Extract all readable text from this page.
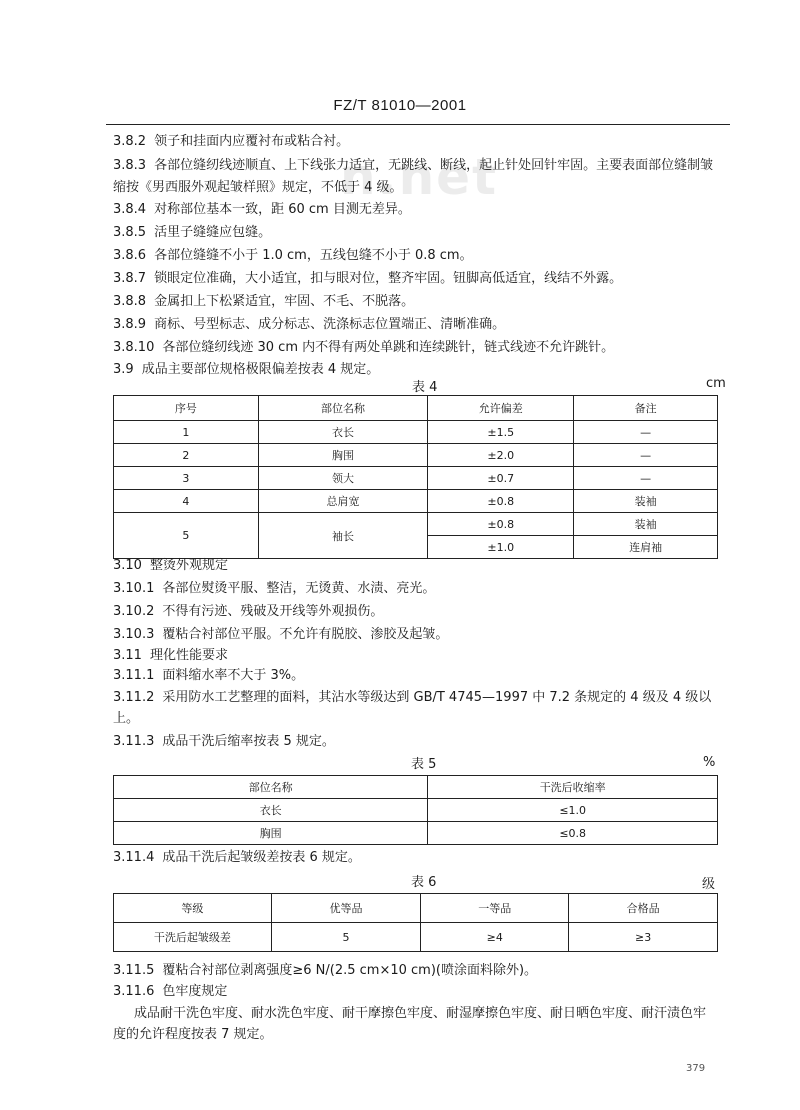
FZ/T 81010—2001
n.net
3.8.2 领子和挂面内应覆衬布或粘合衬。
3.8.3 各部位缝纫线迹顺直、上下线张力适宜，无跳线、断线，起止针处回针牢固。主要表面部位缝制皱
缩按《男西服外观起皱样照》规定，不低于 4 级。
3.8.4 对称部位基本一致，距 60 cm 目测无差异。
3.8.5 活里子缝缝应包缝。
3.8.6 各部位缝缝不小于 1.0 cm，五线包缝不小于 0.8 cm。
3.8.7 锁眼定位准确，大小适宜，扣与眼对位，整齐牢固。钮脚高低适宜，线结不外露。
3.8.8 金属扣上下松紧适宜，牢固、不毛、不脱落。
3.8.9 商标、号型标志、成分标志、洗涤标志位置端正、清晰准确。
3.8.10 各部位缝纫线迹 30 cm 内不得有两处单跳和连续跳针，链式线迹不允许跳针。
3.9 成品主要部位规格极限偏差按表 4 规定。
表 4	cm
序号	部位名称	允许偏差	备注
1	衣长	±1.5	—
2	胸围	±2.0	—
3	领大	±0.7	—
4	总肩宽	±0.8	装袖
5	袖长	±0.8	装袖
		±1.0	连肩袖
3.10 整烫外观规定
3.10.1 各部位熨烫平服、整洁，无烫黄、水渍、亮光。
3.10.2 不得有污迹、残破及开线等外观损伤。
3.10.3 覆粘合衬部位平服。不允许有脱胶、渗胶及起皱。
3.11 理化性能要求
3.11.1 面料缩水率不大于 3%。
3.11.2 采用防水工艺整理的面料，其沾水等级达到 GB/T 4745—1997 中 7.2 条规定的 4 级及 4 级以
上。
3.11.3 成品干洗后缩率按表 5 规定。
表 5	%
部位名称	干洗后收缩率
衣长	≤1.0
胸围	≤0.8
3.11.4 成品干洗后起皱级差按表 6 规定。
表 6	级
等级	优等品	一等品	合格品
干洗后起皱级差	5	≥4	≥3
3.11.5 覆粘合衬部位剥离强度≥6 N/(2.5 cm×10 cm)(喷涂面料除外)。
3.11.6 色牢度规定
成品耐干洗色牢度、耐水洗色牢度、耐干摩擦色牢度、耐湿摩擦色牢度、耐日晒色牢度、耐汗渍色牢
度的允许程度按表 7 规定。
379
